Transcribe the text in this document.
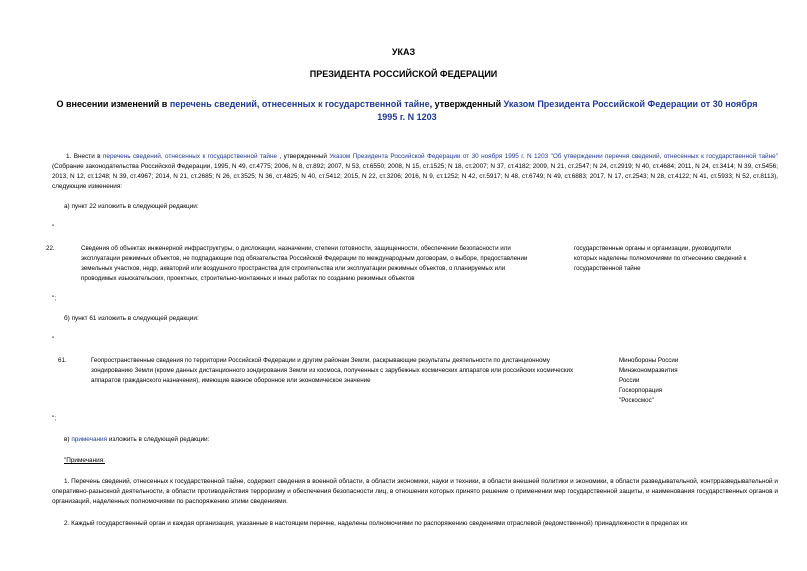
УКАЗ
ПРЕЗИДЕНТА РОССИЙСКОЙ ФЕДЕРАЦИИ
О внесении изменений в перечень сведений, отнесенных к государственной тайне, утвержденный Указом Президента Российской Федерации от 30 ноября 1995 г. N 1203
1. Внести в перечень сведений, отнесенных к государственной тайне , утвержденный Указом Президента Российской Федерации от 30 ноября 1995 г. N 1203 "Об утверждении перечня сведений, отнесенных к государственной тайне" (Собрание законодательства Российской Федерации, 1995, N 49, ст.4775; 2006, N 8, ст.892; 2007, N 53, ст.6550; 2008, N 15, ст.1525; N 18, ст.2007; N 37, ст.4182; 2009, N 21, ст.2547; N 24, ст.2919; N 40, ст.4684; 2011, N 24, ст.3414; N 39, ст.5456; 2013, N 12, ст.1248; N 39, ст.4967; 2014, N 21, ст.2685; N 26, ст.3525; N 36, ст.4825; N 40, ст.5412; 2015, N 22, ст.3206; 2016, N 9, ст.1252; N 42, ст.5917; N 48, ст.6749; N 49, ст.6883; 2017, N 17, ст.2543; N 28, ст.4122; N 41, ст.5933; N 52, ст.8113), следующие изменения:
а) пункт 22 изложить в следующей редакции:
"
22.	Сведения об объектах инженерной инфраструктуры, о дислокации, назначении, степени готовности, защищенности, обеспечении безопасности или
эксплуатации режимных объектов, не подпадающие под обязательства Российской Федерации по международным договорам, о выборе, предоставлении
земельных участков, недр, акваторий или воздушного пространства для строительства или эксплуатации режимных объектов, о планируемых или
проводимых изыскательских, проектных, строительно-монтажных и иных работах по созданию режимных объектов
государственные органы и организации, руководители
которых наделены полномочиями по отнесению сведений к
государственной тайне
";
б) пункт 61 изложить в следующей редакции:
"
61.	Геопространственные сведения по территории Российской Федерации и другим районам Земли, раскрывающие результаты деятельности по дистанционному
зондированию Земли (кроме данных дистанционного зондирования Земли из космоса, полученных с зарубежных космических аппаратов или российских космических
аппаратов гражданского назначения), имеющие важное оборонное или экономическое значение
Минобороны России
Минэкономразвития
России
Госкорпорация
"Роскосмос"
";
в) примечания изложить в следующей редакции:
"Примечания:
1. Перечень сведений, отнесенных к государственной тайне, содержит сведения в военной области, в области экономики, науки и техники, в области внешней политики и экономики, в области разведывательной, контрразведывательной и оперативно-разыскной деятельности, в области противодействия терроризму и обеспечения безопасности лиц, в отношении которых принято решение о применении мер государственной защиты, и наименования государственных органов и организаций, наделенных полномочиями по распоряжению этими сведениями.
2. Каждый государственный орган и каждая организация, указанные в настоящем перечне, наделены полномочиями по распоряжению сведениями отраслевой (ведомственной) принадлежности в пределах их
